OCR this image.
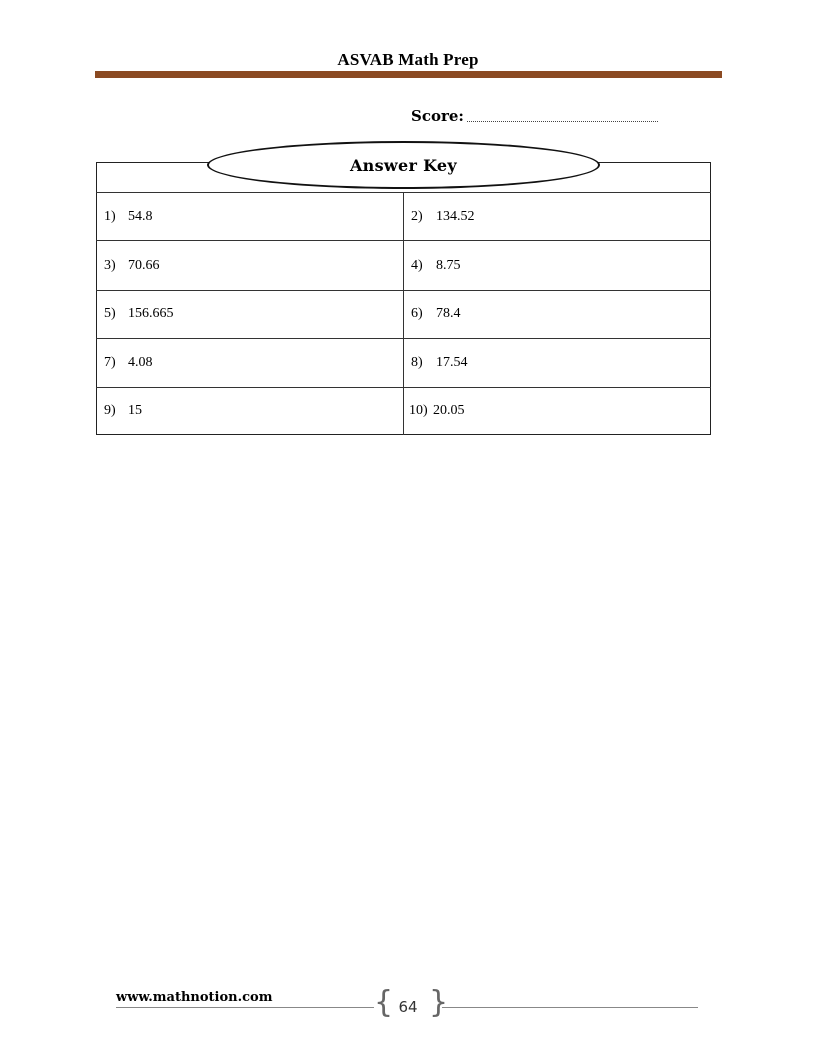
ASVAB Math Prep
Score:
Answer Key
1) 54.8	2) 134.52
3) 70.66	4) 8.75
5) 156.665	6) 78.4
7) 4.08	8) 17.54
9) 15	10) 20.05
www.mathnotion.com	{ }
64
